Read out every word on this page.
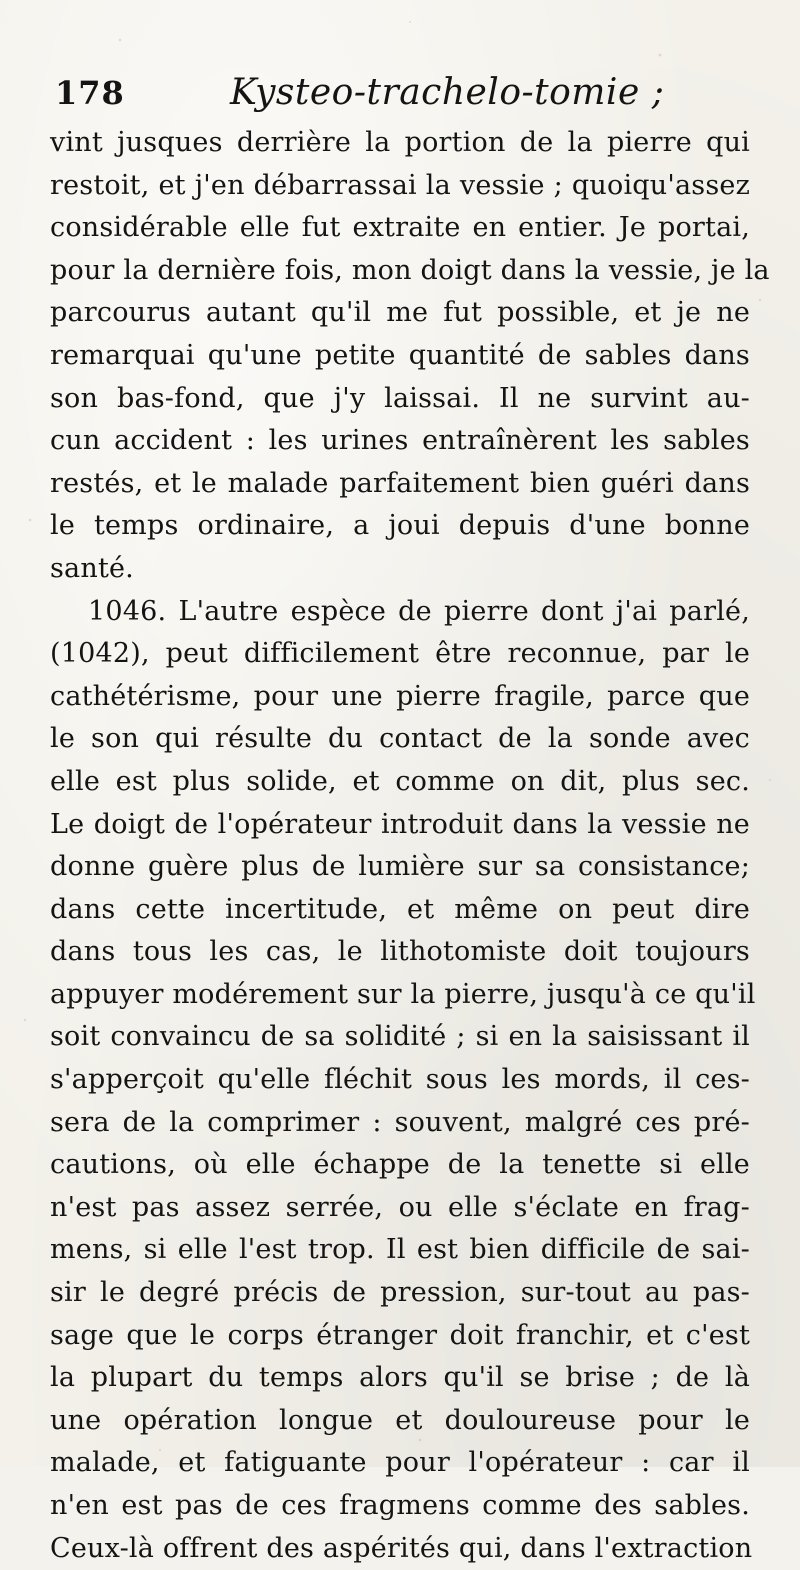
178	Kysteo-trachelo-tomie ;
vint jusques derrière la portion de la pierre qui
restoit, et j'en débarrassai la vessie ; quoiqu'assez
considérable elle fut extraite en entier. Je portai,
pour la dernière fois, mon doigt dans la vessie, je la
parcourus autant qu'il me fut possible, et je ne
remarquai qu'une petite quantité de sables dans
son bas-fond, que j'y laissai. Il ne survint au-
cun accident : les urines entraînèrent les sables
restés, et le malade parfaitement bien guéri dans
le temps ordinaire, a joui depuis d'une bonne
santé.
1046. L'autre espèce de pierre dont j'ai parlé,
(1042), peut difficilement être reconnue, par le
cathétérisme, pour une pierre fragile, parce que
le son qui résulte du contact de la sonde avec
elle est plus solide, et comme on dit, plus sec.
Le doigt de l'opérateur introduit dans la vessie ne
donne guère plus de lumière sur sa consistance;
dans cette incertitude, et même on peut dire
dans tous les cas, le lithotomiste doit toujours
appuyer modérement sur la pierre, jusqu'à ce qu'il
soit convaincu de sa solidité ; si en la saisissant il
s'apperçoit qu'elle fléchit sous les mords, il ces-
sera de la comprimer : souvent, malgré ces pré-
cautions, où elle échappe de la tenette si elle
n'est pas assez serrée, ou elle s'éclate en frag-
mens, si elle l'est trop. Il est bien difficile de sai-
sir le degré précis de pression, sur-tout au pas-
sage que le corps étranger doit franchir, et c'est
la plupart du temps alors qu'il se brise ; de là
une opération longue et douloureuse pour le
malade, et fatiguante pour l'opérateur : car il
n'en est pas de ces fragmens comme des sables.
Ceux-là offrent des aspérités qui, dans l'extraction
